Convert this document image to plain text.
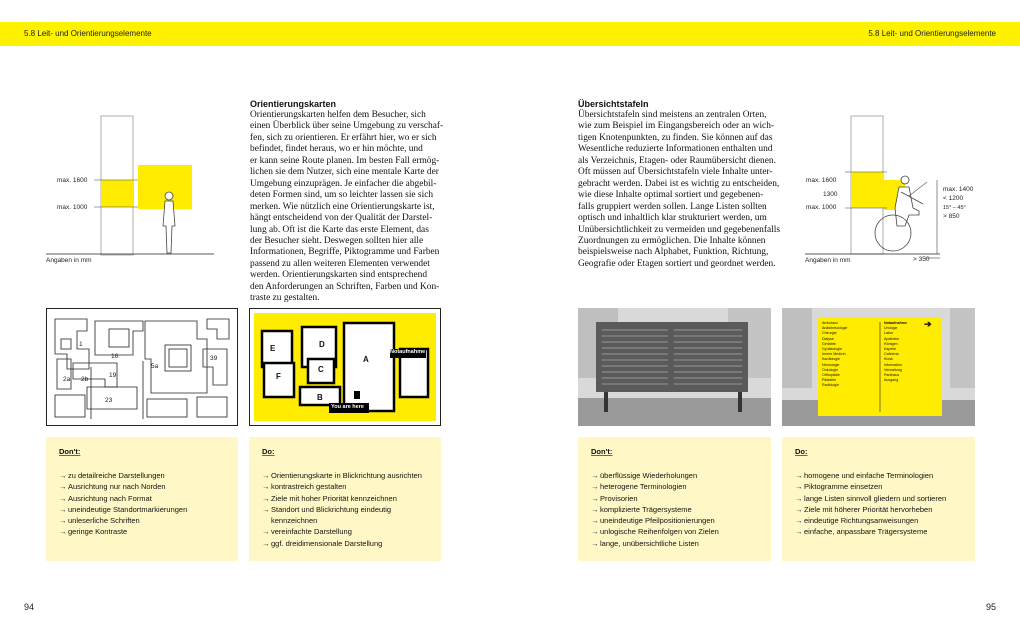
5.8 Leit- und Orientierungselemente	5.8 Leit- und Orientierungselemente
max. 1600
max. 1000
Angaben in mm
Orientierungskarten
Orientierungskarten helfen dem Besucher, sich
einen Überblick über seine Umgebung zu verschaf-
fen, sich zu orientieren. Er erfährt hier, wo er sich
befindet, findet heraus, wo er hin möchte, und
er kann seine Route planen. Im besten Fall ermög-
lichen sie dem Nutzer, sich eine mentale Karte der
Umgebung einzuprägen. Je einfacher die abgebil-
deten Formen sind, um so leichter lassen sie sich
merken. Wie nützlich eine Orientierungskarte ist,
hängt entscheidend von der Qualität der Darstel-
lung ab. Oft ist die Karte das erste Element, das
der Besucher sieht. Deswegen sollten hier alle
Informationen, Begriffe, Piktogramme und Farben
passend zu allen weiteren Elementen verwendet
werden. Orientierungskarten sind entsprechend
den Anforderungen an Schriften, Farben und Kon-
traste zu gestalten.
Übersichtstafeln
Übersichtstafeln sind meistens an zentralen Orten,
wie zum Beispiel im Eingangsbereich oder an wich-
tigen Knotenpunkten, zu finden. Sie können auf das
Wesentliche reduzierte Informationen enthalten und
als Verzeichnis, Etagen- oder Raumübersicht dienen.
Oft müssen auf Übersichtstafeln viele Inhalte unter-
gebracht werden. Dabei ist es wichtig zu entscheiden,
wie diese Inhalte optimal sortiert und gegebenen-
falls gruppiert werden sollen. Lange Listen sollten
optisch und inhaltlich klar strukturiert werden, um
Unübersichtlichkeit zu vermeiden und gegebenenfalls
Zuordnungen zu ermöglichen. Die Inhalte können
beispielsweise nach Alphabet, Funktion, Richtung,
Geografie oder Etagen sortiert und geordnet werden.
max. 1600
1300
max. 1000
max. 1400
< 1200
15° – 45°
> 850
> 350
Angaben in mm
1
16
5a
39
19
2a 2b
23
D
E
A
C
F
B
Notaufnahme
You are here
Ambulanz
Anästhesiologie
Chirurgie
Dialyse
Geriatrie
Gynäkologie
Innere Medizin
Kardiologie
Neurologie
Onkologie
Orthopädie
Pädiatrie
Radiologie
Notaufnahme
Urologie
Labor
Apotheke
Röntgen
Kapelle
Cafeteria
Kiosk
Information
Verwaltung
Parkhaus
Ausgang
➔
Don't:
→ zu detailreiche Darstellungen
→ Ausrichtung nur nach Norden
→ Ausrichtung nach Format
→ uneindeutige Standortmarkierungen
→ unleserliche Schriften
→ geringe Kontraste
Do:
→ Orientierungskarte in Blickrichtung ausrichten
→ kontrastreich gestalten
→ Ziele mit hoher Priorität kennzeichnen
→ Standort und Blickrichtung eindeutig kennzeichnen
→ vereinfachte Darstellung
→ ggf. dreidimensionale Darstellung
Don't:
→ überflüssige Wiederholungen
→ heterogene Terminologien
→ Provisorien
→ komplizierte Trägersysteme
→ uneindeutige Pfeilpositionierungen
→ unlogische Reihenfolgen von Zielen
→ lange, unübersichtliche Listen
Do:
→ homogene und einfache Terminologien
→ Piktogramme einsetzen
→ lange Listen sinnvoll gliedern und sortieren
→ Ziele mit höherer Priorität hervorheben
→ eindeutige Richtungsanweisungen
→ einfache, anpassbare Trägersysteme
94	95
